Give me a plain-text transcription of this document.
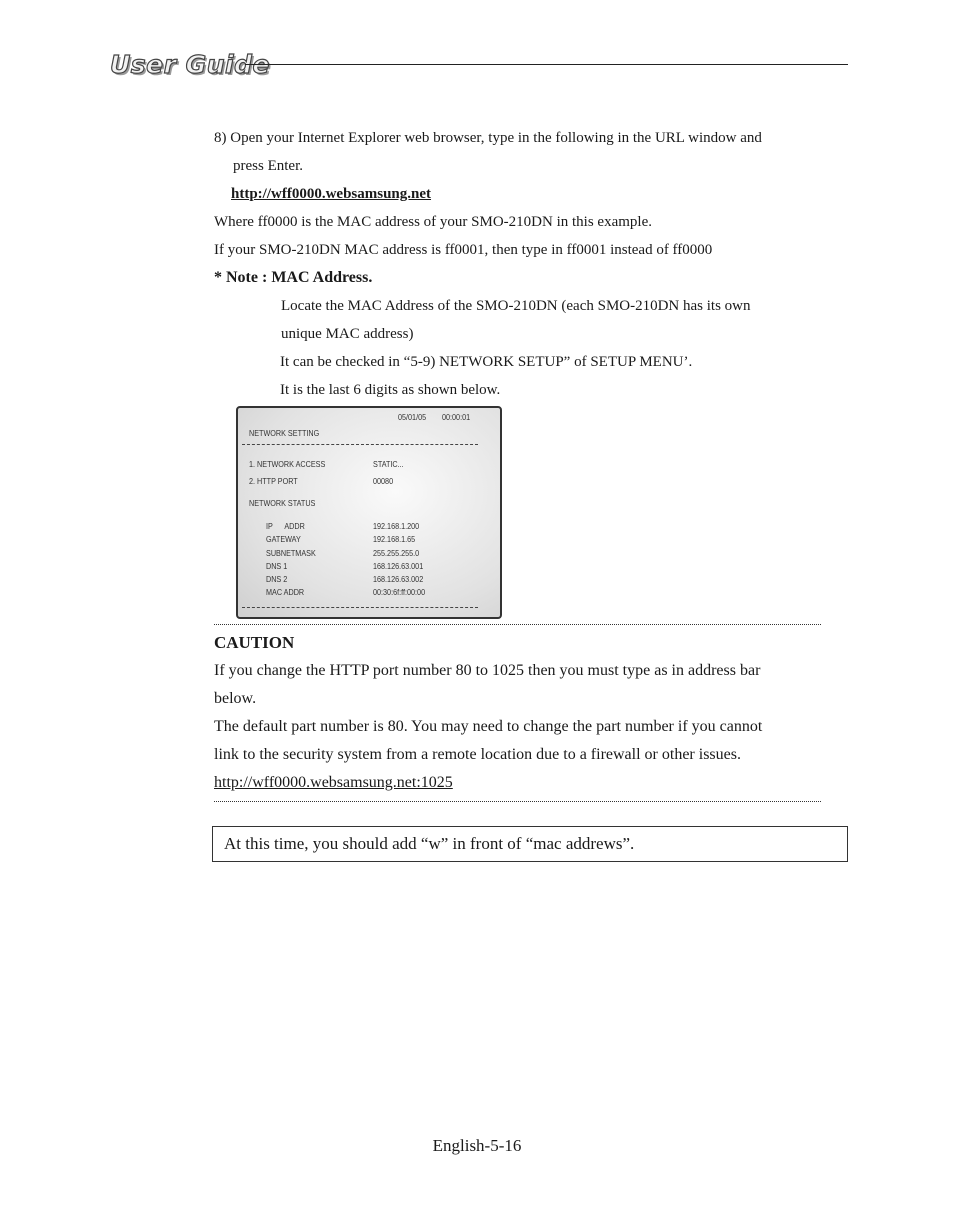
User Guide

8) Open your Internet Explorer web browser, type in the following in the URL window and

press Enter.

http://wff0000.websamsung.net

Where ff0000 is the MAC address of your SMO-210DN in this example.

If your SMO-210DN MAC address is ff0001, then type in ff0001 instead of ff0000

* Note : MAC Address.

Locate the MAC Address of the SMO-210DN (each SMO-210DN has its own

unique MAC address)

It can be checked in “5-9) NETWORK SETUP” of SETUP MENU’.

It is the last 6 digits as shown below.

05/01/05 00:00:01
NETWORK SETTING
1. NETWORK ACCESS	STATIC...
2. HTTP PORT	00080
NETWORK STATUS
IP      ADDR	192.168.1.200
GATEWAY	192.168.1.65
SUBNETMASK	255.255.255.0
DNS 1	168.126.63.001
DNS 2	168.126.63.002
MAC ADDR	00:30:6f:ff:00:00

CAUTION

If you change the HTTP port number 80 to 1025 then you must type as in address bar

below.

The default part number is 80. You may need to change the part number if you cannot

link to the security system from a remote location due to a firewall or other issues.

http://wff0000.websamsung.net:1025

At this time, you should add “w” in front of “mac addrews”.
English-5-16
